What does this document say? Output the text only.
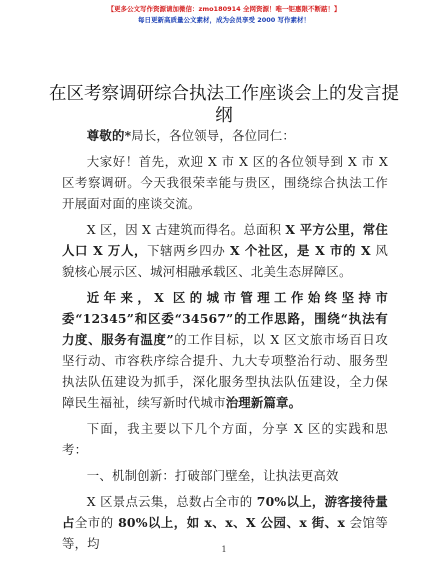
【更多公文写作资源请加微信：zmo180914 全网资源！唯一钜惠限不断踮！】
每日更新高质量公文素材，成为会员享受 2000 写作素材！
在区考察调研综合执法工作座谈会上的发言提纲

尊敬的*局长，各位领导，各位同仁：

大家好！首先，欢迎 X 市 X 区的各位领导到 X 市 X 区考察调研。今天我很荣幸能与贵区，围绕综合执法工作开展面对面的座谈交流。

X 区，因 X 古建筑而得名。总面积 X 平方公里，常住人口 X 万人，下辖两乡四办 X 个社区，是 X 市的 X 风貌核心展示区、城河相融承载区、北美生态屏障区。

近年来，X 区的城市管理工作始终坚持市委“12345”和区委“34567”的工作思路，围绕“执法有力度、服务有温度”的工作目标，以 X 区文旅市场百日攻坚行动、市容秩序综合提升、九大专项整治行动、服务型执法队伍建设为抓手，深化服务型执法队伍建设，全力保障民生福祉，续写新时代城市治理新篇章。

下面，我主要以下几个方面，分享 X 区的实践和思考：

一、机制创新：打破部门壁垒，让执法更高效

X 区景点云集，总数占全市的 70%以上，游客接待量占全市的 80%以上，如 x、x、X 公园、x 街、x 会馆等等，均	1
